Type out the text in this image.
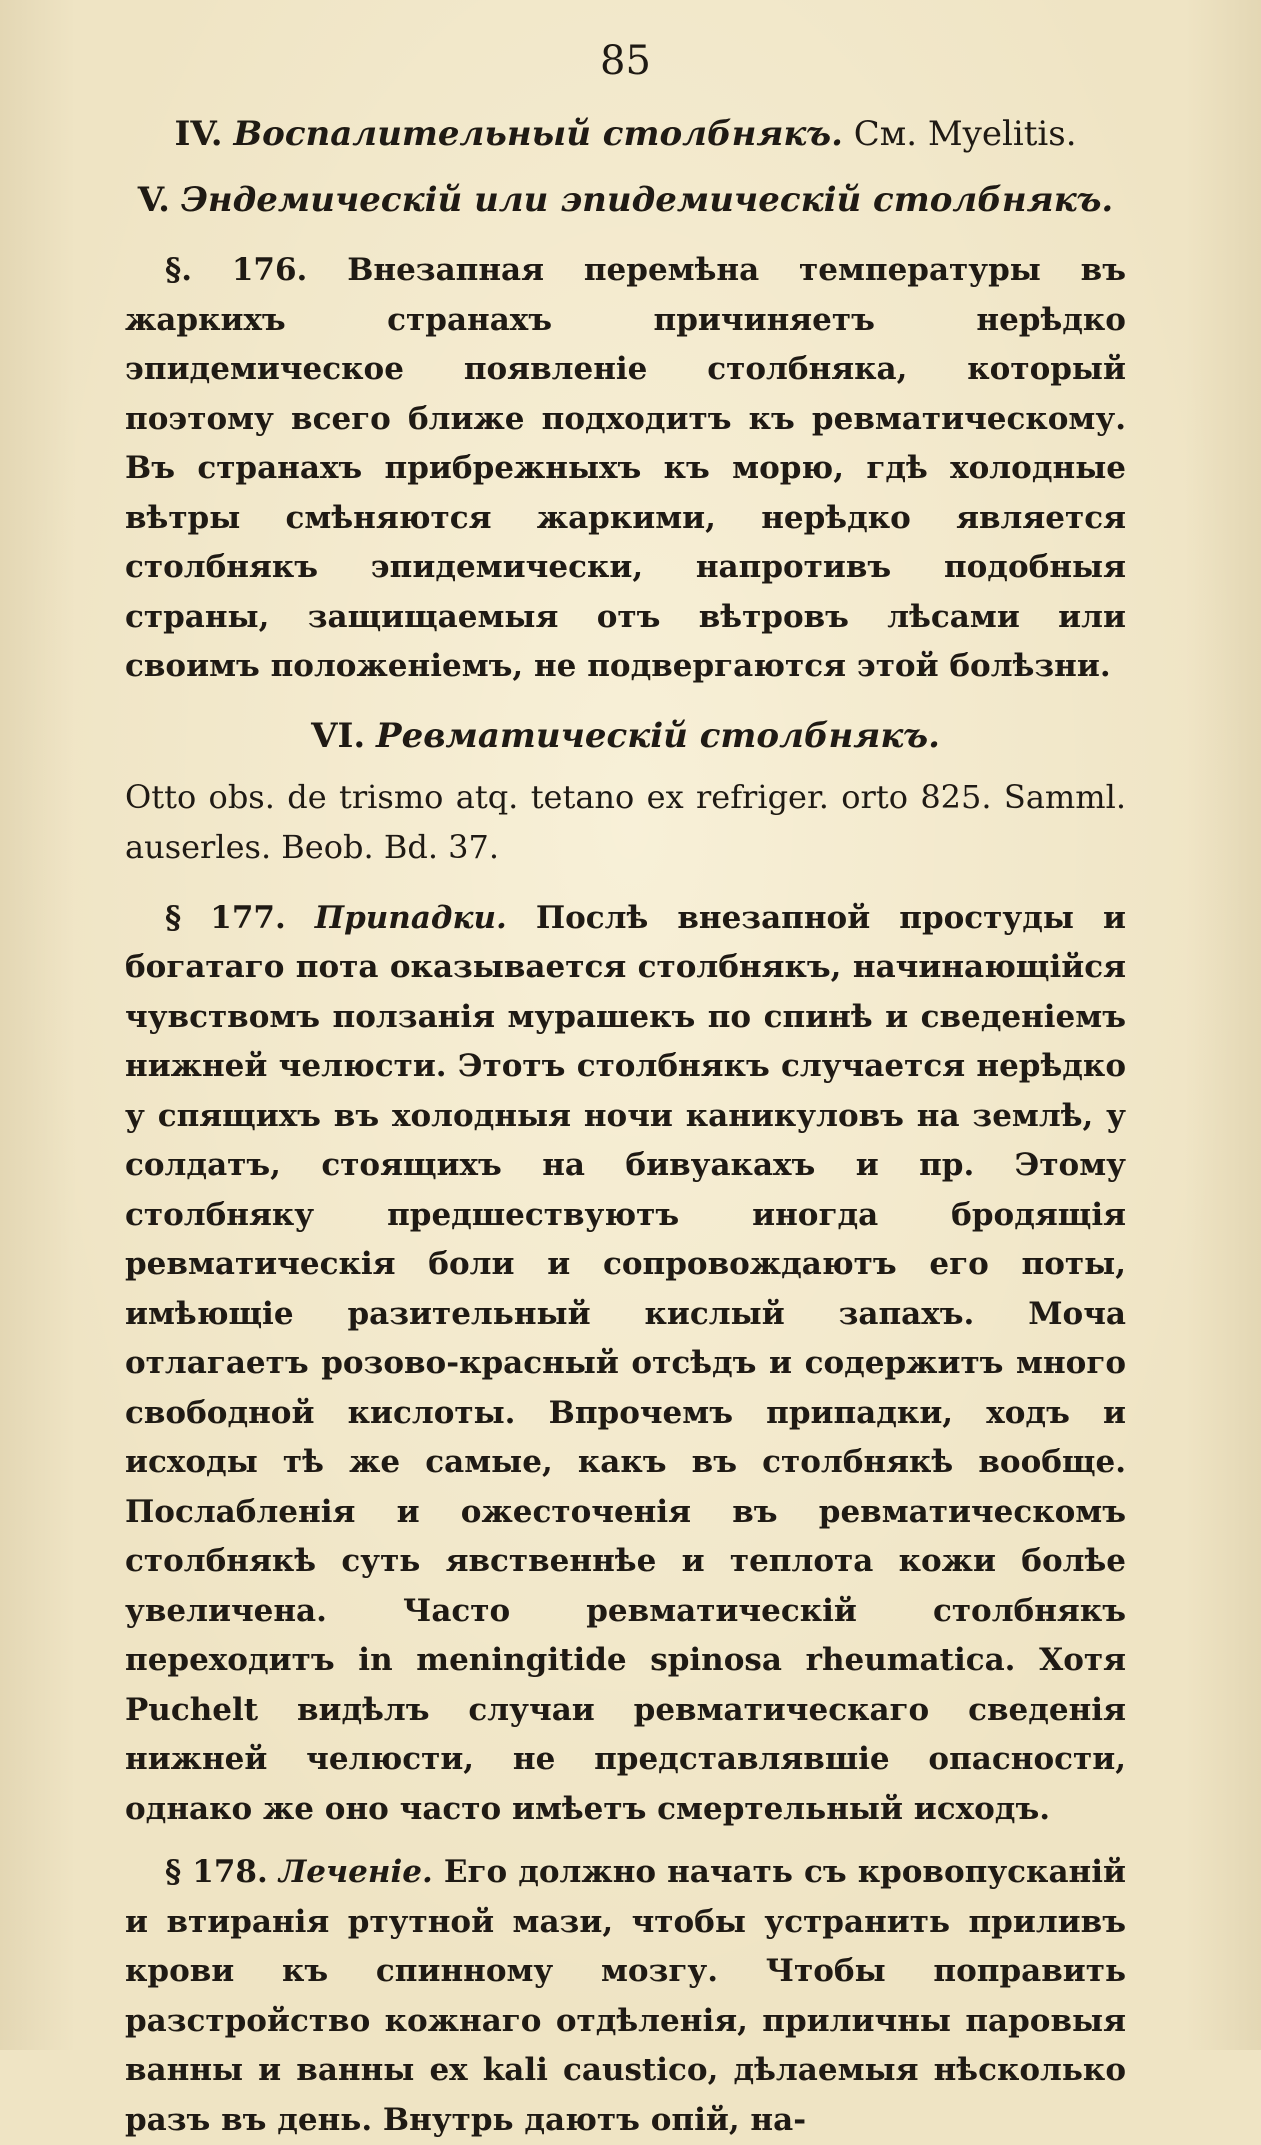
85
IV. Воспалительный столбнякъ. См. Myelitis.
V. Эндемическiй или эпидемическiй столбнякъ.

§. 176. Внезапная перемѣна температуры въ жаркихъ странахъ причиняетъ нерѣдко эпидемическое появленiе столбняка, который поэтому всего ближе подходитъ къ ревматическому. Въ странахъ прибрежныхъ къ морю, гдѣ холодные вѣтры смѣняются жаркими, нерѣдко является столбнякъ эпидемически, напротивъ подобныя страны, защищаемыя отъ вѣтровъ лѣсами или своимъ положенiемъ, не подвергаются этой болѣзни.

VI. Ревматическiй столбнякъ.

Otto obs. de trismo atq. tetano ex refriger. orto 825. Samml. auserles. Beob. Bd. 37.

§ 177. Припадки. Послѣ внезапной простуды и богатаго пота оказывается столбнякъ, начинающiйся чувствомъ ползанiя мурашекъ по спинѣ и сведенiемъ нижней челюсти. Этотъ столбнякъ случается нерѣдко у спящихъ въ холодныя ночи каникуловъ на землѣ, у солдатъ, стоящихъ на бивуакахъ и пр. Этому столбняку предшествуютъ иногда бродящiя ревматическiя боли и сопровождаютъ его поты, имѣющiе разительный кислый запахъ. Моча отлагаетъ розово-красный отсѣдъ и содержитъ много свободной кислоты. Впрочемъ припадки, ходъ и исходы тѣ же самые, какъ въ столбнякѣ вообще. Послабленiя и ожесточенiя въ ревматическомъ столбнякѣ суть явственнѣе и теплота кожи болѣе увеличена. Часто ревматическiй столбнякъ переходитъ in meningitide spinosa rheumatica. Хотя Puchelt видѣлъ случаи ревматическаго сведенiя нижней челюсти, не представлявшiе опасности, однако же оно часто имѣетъ смертельный исходъ.

§ 178. Леченiе. Его должно начать съ кровопусканiй и втиранiя ртутной мази, чтобы устранить приливъ крови къ спинному мозгу. Чтобы поправить разстройство кожнаго отдѣленiя, приличны паровыя ванны и ванны ex kali caustico, дѣлаемыя нѣсколько разъ въ день. Внутрь даютъ опiй, на-
